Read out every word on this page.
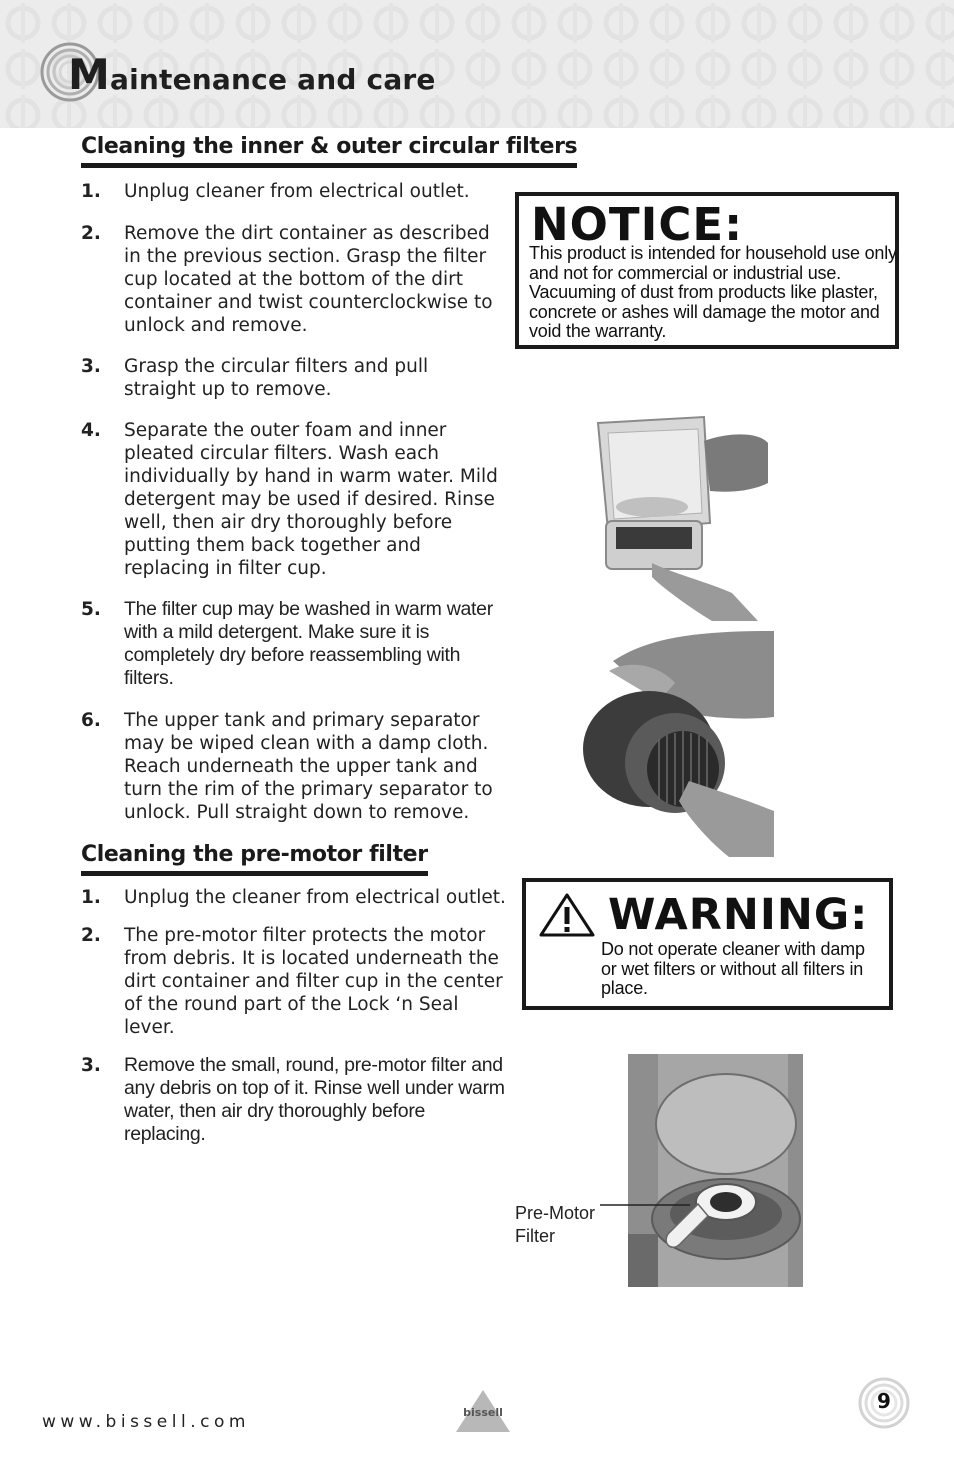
Maintenance and care
Cleaning the inner & outer circular filters
1.	Unplug cleaner from electrical outlet.
2.	Remove the dirt container as described in the previous section. Grasp the filter cup located at the bottom of the dirt container and twist counterclockwise to unlock and remove.
3.	Grasp the circular filters and pull straight up to remove.
4.	Separate the outer foam and inner pleated circular filters. Wash each individually by hand in warm water. Mild detergent may be used if desired. Rinse well, then air dry thoroughly before putting them back together and replacing in filter cup.
5.	The filter cup may be washed in warm water with a mild detergent. Make sure it is completely dry before reassembling with filters.
6.	The upper tank and primary separator may be wiped clean with a damp cloth. Reach underneath the upper tank and turn the rim of the primary separator to unlock. Pull straight down to remove.
Cleaning the pre-motor filter
1.	Unplug the cleaner from electrical outlet.
2.	The pre-motor filter protects the motor from debris. It is located underneath the dirt container and filter cup in the center of the round part of the Lock ‘n Seal lever.
3.	Remove the small, round, pre-motor filter and any debris on top of it. Rinse well under warm water, then air dry thoroughly before replacing.
NOTICE:
This product is intended for household use only and not for commercial or industrial use. Vacuuming of dust from products like plaster, concrete or ashes will damage the motor and void the warranty.
WARNING:
Do not operate cleaner with damp or wet filters or without all filters in place.
Pre-Motor
Filter
www.bissell.com	bissell	9
